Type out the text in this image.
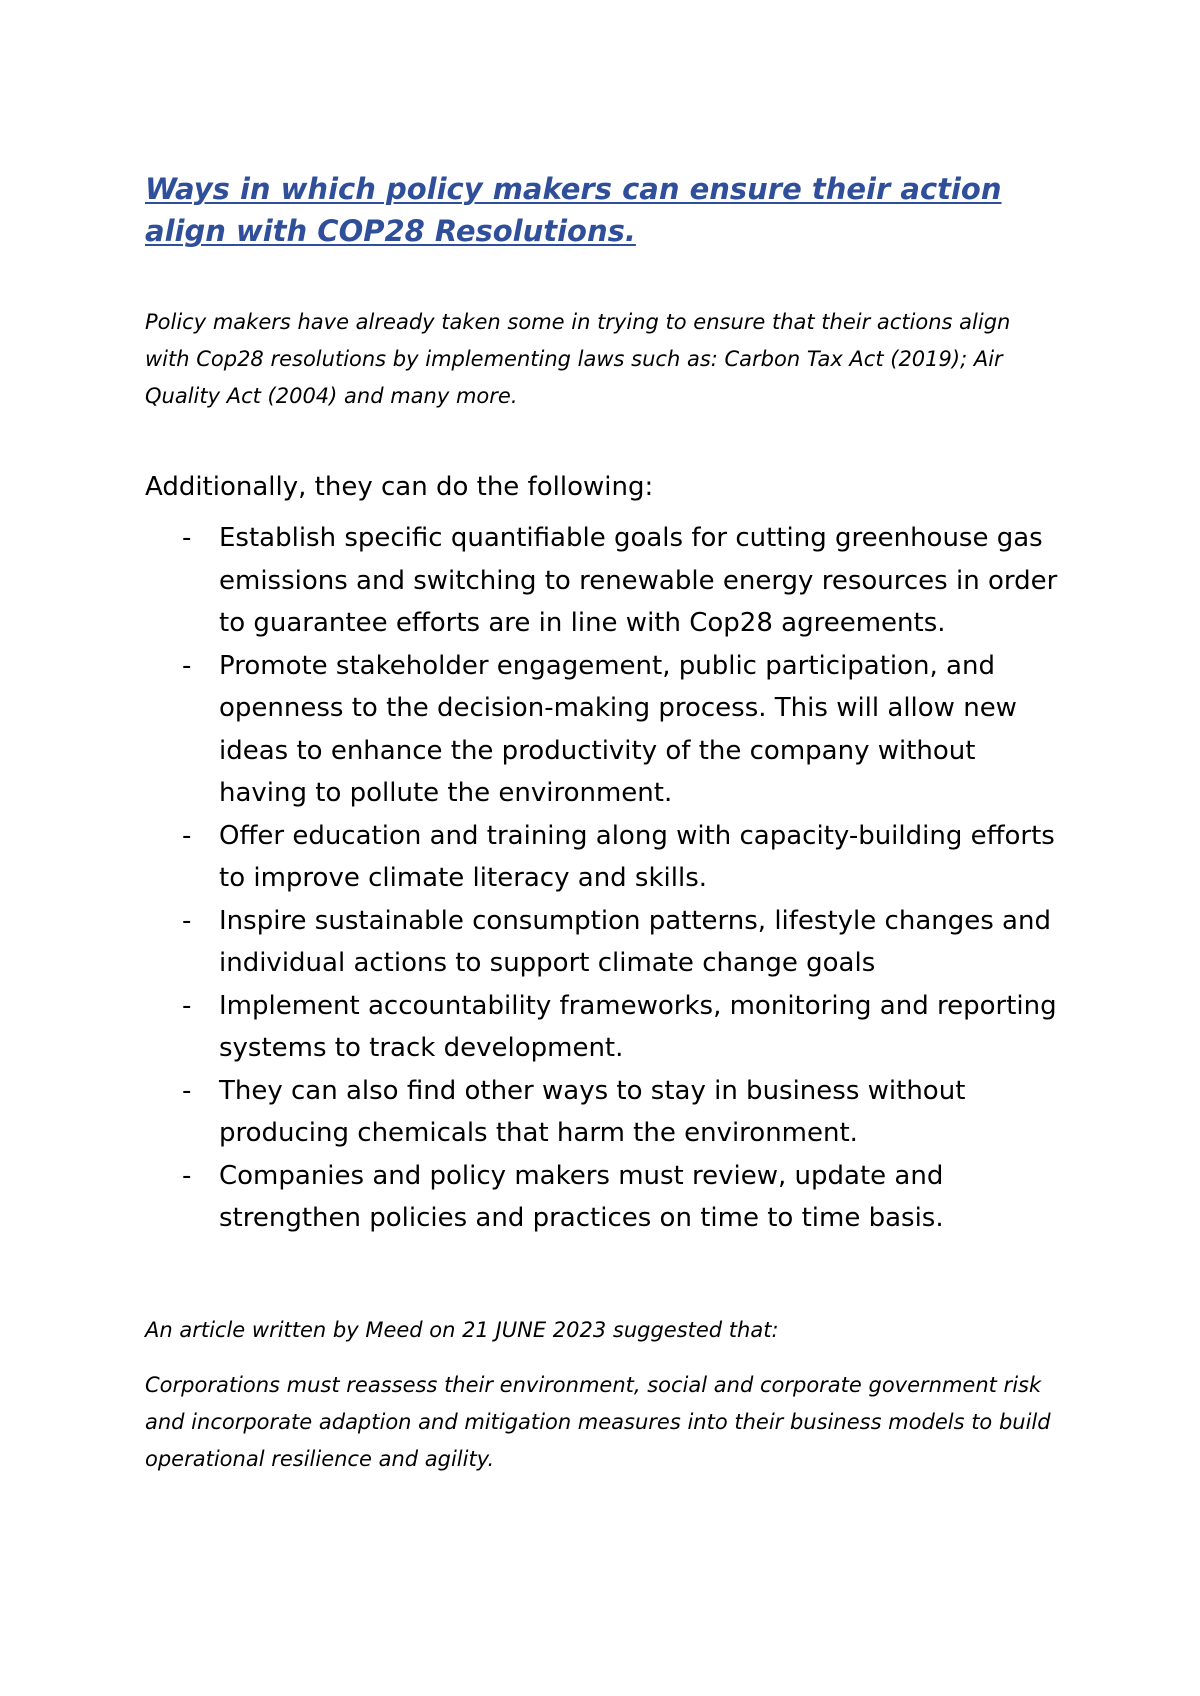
Ways in which policy makers can ensure their action align with COP28 Resolutions.

Policy makers have already taken some in trying to ensure that their actions align with Cop28 resolutions by implementing laws such as: Carbon Tax Act (2019); Air Quality Act (2004) and many more.

Additionally, they can do the following:

- Establish specific quantifiable goals for cutting greenhouse gas emissions and switching to renewable energy resources in order to guarantee efforts are in line with Cop28 agreements.
- Promote stakeholder engagement, public participation, and openness to the decision-making process. This will allow new ideas to enhance the productivity of the company without having to pollute the environment.
- Offer education and training along with capacity-building efforts to improve climate literacy and skills.
- Inspire sustainable consumption patterns, lifestyle changes and individual actions to support climate change goals
- Implement accountability frameworks, monitoring and reporting systems to track development.
- They can also find other ways to stay in business without producing chemicals that harm the environment.
- Companies and policy makers must review, update and strengthen policies and practices on time to time basis.

An article written by Meed on 21 JUNE 2023 suggested that:

Corporations must reassess their environment, social and corporate government risk and incorporate adaption and mitigation measures into their business models to build operational resilience and agility.
